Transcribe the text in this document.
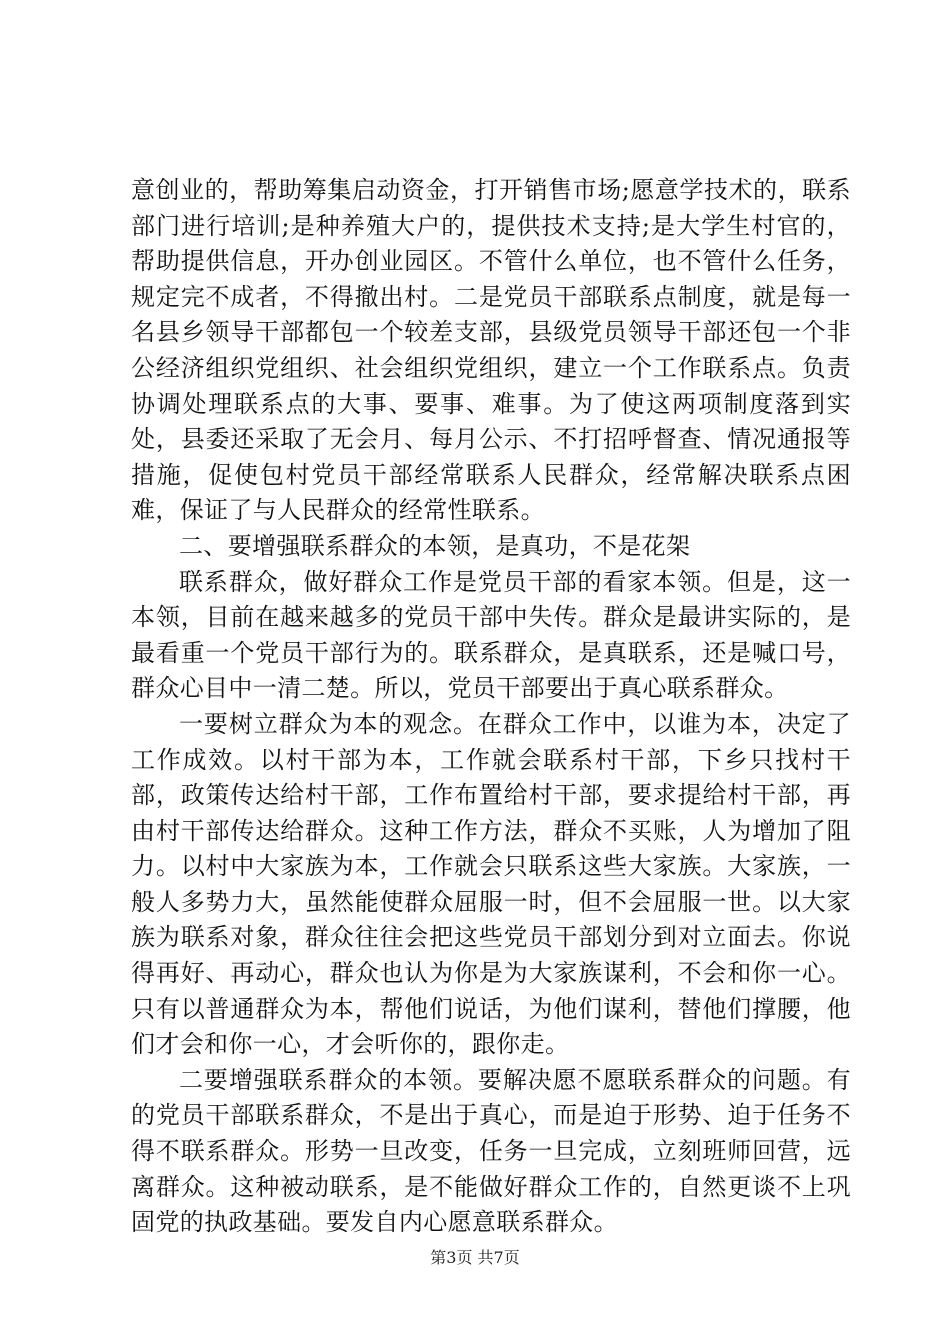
意创业的，帮助筹集启动资金，打开销售市场;愿意学技术的，联系部门进行培训;是种养殖大户的，提供技术支持;是大学生村官的，帮助提供信息，开办创业园区。不管什么单位，也不管什么任务，规定完不成者，不得撤出村。二是党员干部联系点制度，就是每一名县乡领导干部都包一个较差支部，县级党员领导干部还包一个非公经济组织党组织、社会组织党组织，建立一个工作联系点。负责协调处理联系点的大事、要事、难事。为了使这两项制度落到实处，县委还采取了无会月、每月公示、不打招呼督查、情况通报等措施，促使包村党员干部经常联系人民群众，经常解决联系点困难，保证了与人民群众的经常性联系。

二、要增强联系群众的本领，是真功，不是花架

联系群众，做好群众工作是党员干部的看家本领。但是，这一本领，目前在越来越多的党员干部中失传。群众是最讲实际的，是最看重一个党员干部行为的。联系群众，是真联系，还是喊口号，群众心目中一清二楚。所以，党员干部要出于真心联系群众。

一要树立群众为本的观念。在群众工作中，以谁为本，决定了工作成效。以村干部为本，工作就会联系村干部，下乡只找村干部，政策传达给村干部，工作布置给村干部，要求提给村干部，再由村干部传达给群众。这种工作方法，群众不买账，人为增加了阻力。以村中大家族为本，工作就会只联系这些大家族。大家族，一般人多势力大，虽然能使群众屈服一时，但不会屈服一世。以大家族为联系对象，群众往往会把这些党员干部划分到对立面去。你说得再好、再动心，群众也认为你是为大家族谋利，不会和你一心。只有以普通群众为本，帮他们说话，为他们谋利，替他们撑腰，他们才会和你一心，才会听你的，跟你走。

二要增强联系群众的本领。要解决愿不愿联系群众的问题。有的党员干部联系群众，不是出于真心，而是迫于形势、迫于任务不得不联系群众。形势一旦改变，任务一旦完成，立刻班师回营，远离群众。这种被动联系，是不能做好群众工作的，自然更谈不上巩固党的执政基础。要发自内心愿意联系群众。

第3页 共7页
